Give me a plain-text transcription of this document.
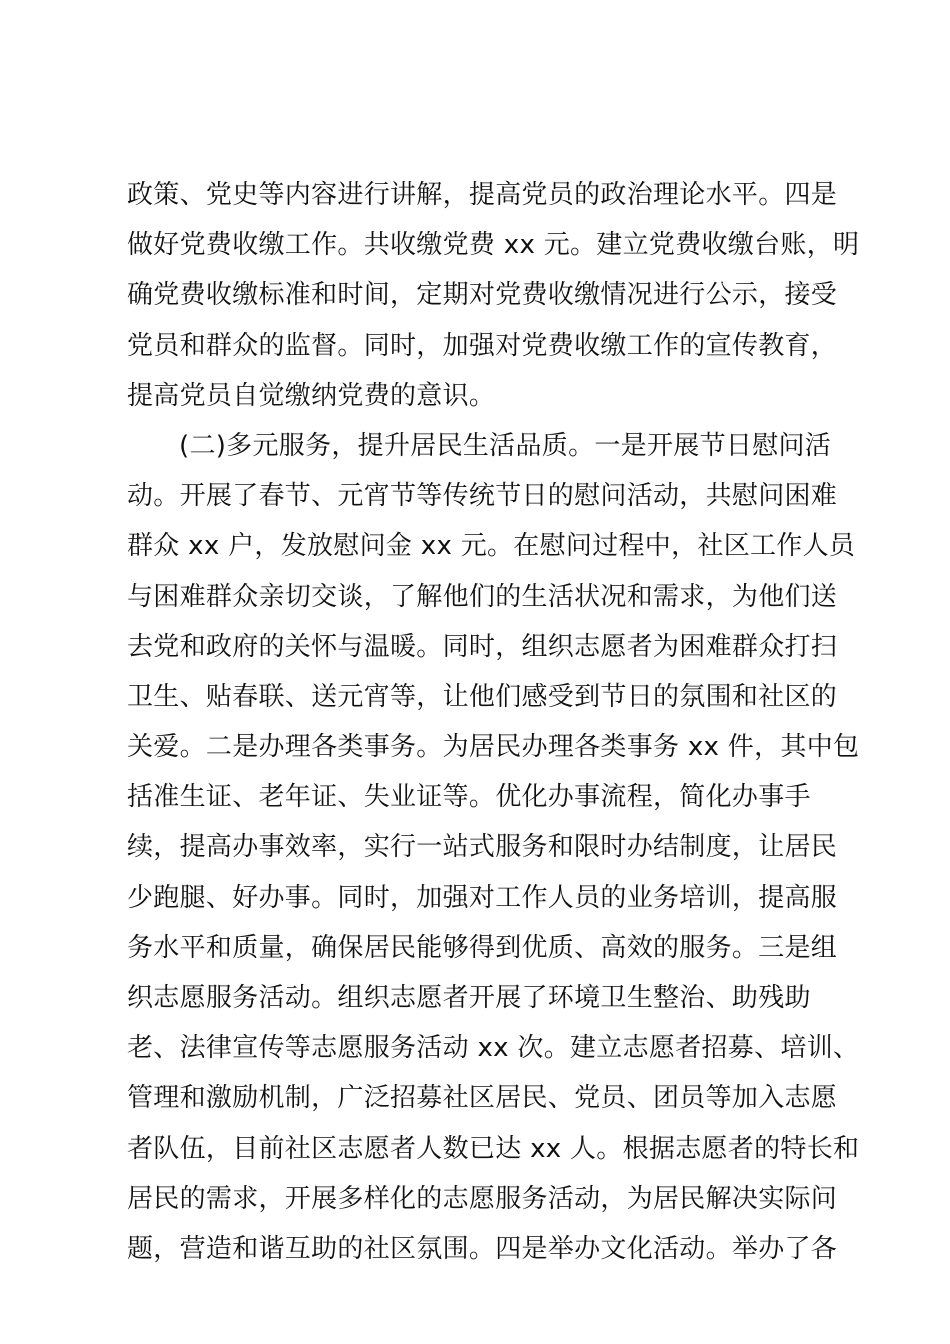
政策、党史等内容进行讲解，提高党员的政治理论水平。四是
做好党费收缴工作。共收缴党费 xx 元。建立党费收缴台账，明
确党费收缴标准和时间，定期对党费收缴情况进行公示，接受
党员和群众的监督。同时，加强对党费收缴工作的宣传教育，
提高党员自觉缴纳党费的意识。
(二)多元服务，提升居民生活品质。一是开展节日慰问活
动。开展了春节、元宵节等传统节日的慰问活动，共慰问困难
群众 xx 户，发放慰问金 xx 元。在慰问过程中，社区工作人员
与困难群众亲切交谈，了解他们的生活状况和需求，为他们送
去党和政府的关怀与温暖。同时，组织志愿者为困难群众打扫
卫生、贴春联、送元宵等，让他们感受到节日的氛围和社区的
关爱。二是办理各类事务。为居民办理各类事务 xx 件，其中包
括准生证、老年证、失业证等。优化办事流程，简化办事手
续，提高办事效率，实行一站式服务和限时办结制度，让居民
少跑腿、好办事。同时，加强对工作人员的业务培训，提高服
务水平和质量，确保居民能够得到优质、高效的服务。三是组
织志愿服务活动。组织志愿者开展了环境卫生整治、助残助
老、法律宣传等志愿服务活动 xx 次。建立志愿者招募、培训、
管理和激励机制，广泛招募社区居民、党员、团员等加入志愿
者队伍，目前社区志愿者人数已达 xx 人。根据志愿者的特长和
居民的需求，开展多样化的志愿服务活动，为居民解决实际问
题，营造和谐互助的社区氛围。四是举办文化活动。举办了各
